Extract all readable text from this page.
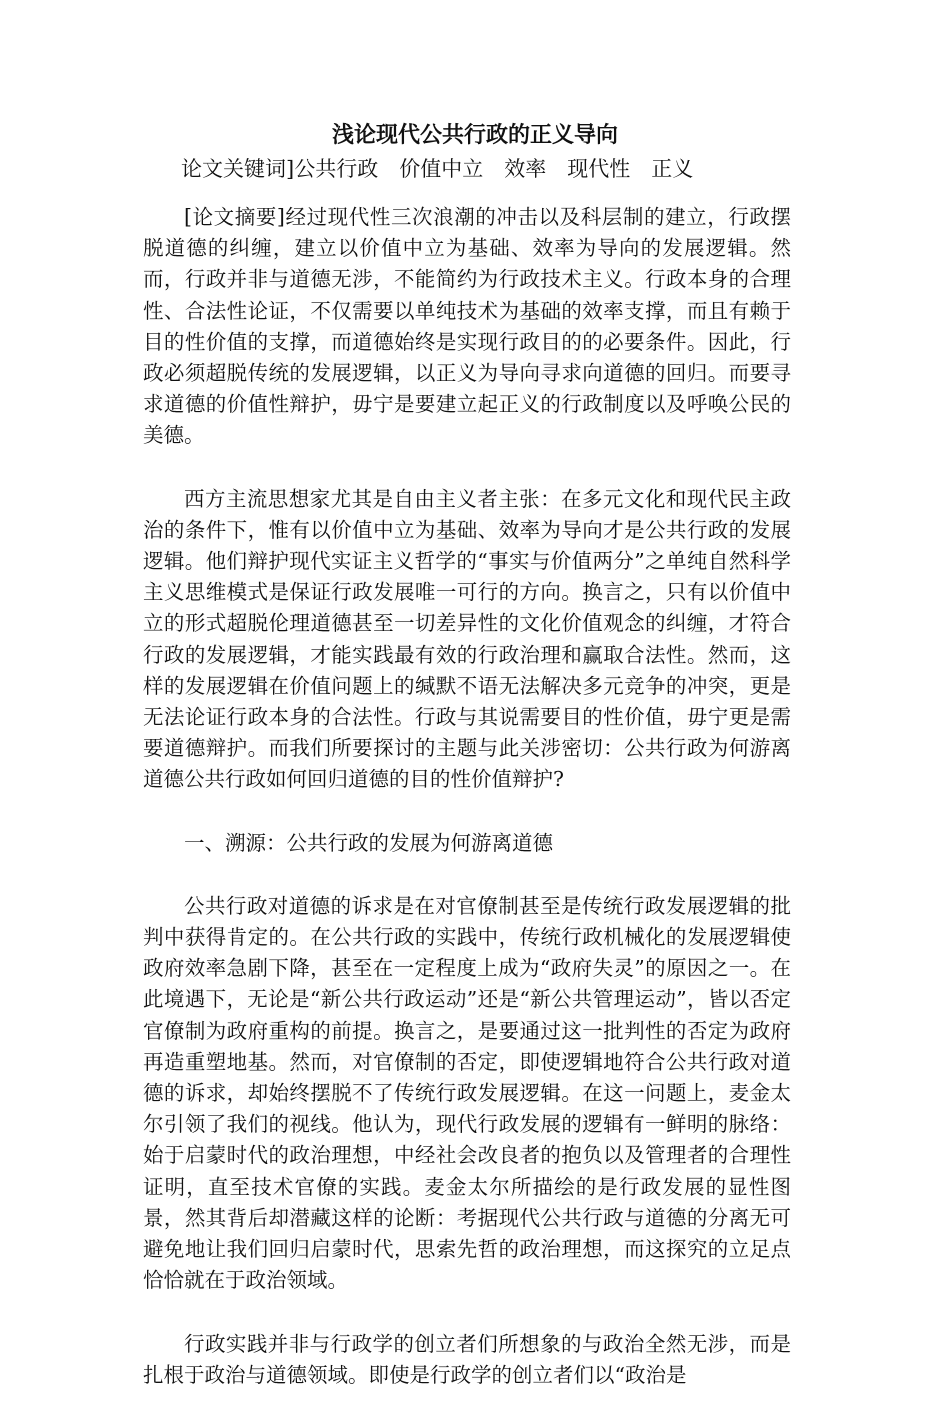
浅论现代公共行政的正义导向
论文关键词]公共行政　价值中立　效率　现代性　正义

[论文摘要]经过现代性三次浪潮的冲击以及科层制的建立，行政摆脱道德的纠缠，建立以价值中立为基础、效率为导向的发展逻辑。然而，行政并非与道德无涉，不能简约为行政技术主义。行政本身的合理性、合法性论证，不仅需要以单纯技术为基础的效率支撑，而且有赖于目的性价值的支撑，而道德始终是实现行政目的的必要条件。因此，行政必须超脱传统的发展逻辑，以正义为导向寻求向道德的回归。而要寻求道德的价值性辩护，毋宁是要建立起正义的行政制度以及呼唤公民的美德。

西方主流思想家尤其是自由主义者主张：在多元文化和现代民主政治的条件下，惟有以价值中立为基础、效率为导向才是公共行政的发展逻辑。他们辩护现代实证主义哲学的“事实与价值两分”之单纯自然科学主义思维模式是保证行政发展唯一可行的方向。换言之，只有以价值中立的形式超脱伦理道德甚至一切差异性的文化价值观念的纠缠，才符合行政的发展逻辑，才能实践最有效的行政治理和赢取合法性。然而，这样的发展逻辑在价值问题上的缄默不语无法解决多元竞争的冲突，更是无法论证行政本身的合法性。行政与其说需要目的性价值，毋宁更是需要道德辩护。而我们所要探讨的主题与此关涉密切：公共行政为何游离道德公共行政如何回归道德的目的性价值辩护?

一、溯源：公共行政的发展为何游离道德

公共行政对道德的诉求是在对官僚制甚至是传统行政发展逻辑的批判中获得肯定的。在公共行政的实践中，传统行政机械化的发展逻辑使政府效率急剧下降，甚至在一定程度上成为“政府失灵”的原因之一。在此境遇下，无论是“新公共行政运动”还是“新公共管理运动”，皆以否定官僚制为政府重构的前提。换言之，是要通过这一批判性的否定为政府再造重塑地基。然而，对官僚制的否定，即使逻辑地符合公共行政对道德的诉求，却始终摆脱不了传统行政发展逻辑。在这一问题上，麦金太尔引领了我们的视线。他认为，现代行政发展的逻辑有一鲜明的脉络：始于启蒙时代的政治理想，中经社会改良者的抱负以及管理者的合理性证明，直至技术官僚的实践。麦金太尔所描绘的是行政发展的显性图景，然其背后却潜藏这样的论断：考据现代公共行政与道德的分离无可避免地让我们回归启蒙时代，思索先哲的政治理想，而这探究的立足点恰恰就在于政治领域。

行政实践并非与行政学的创立者们所想象的与政治全然无涉，而是扎根于政治与道德领域。即使是行政学的创立者们以“政治是
